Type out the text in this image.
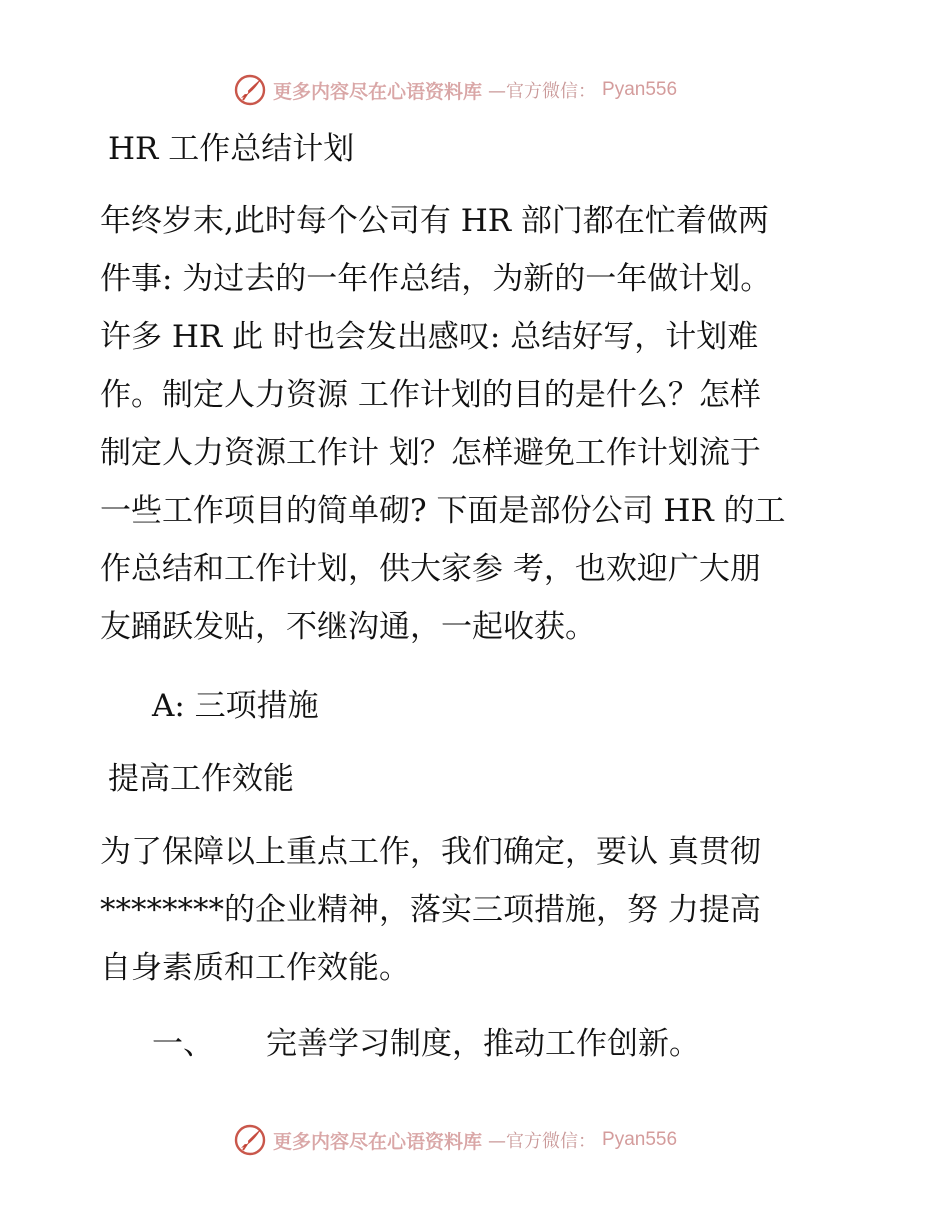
更多内容尽在心语资料库 —官方微信： Pyan556
HR 工作总结计划
年终岁末,此时每个公司有 HR 部门都在忙着做两
件事: 为过去的一年作总结，为新的一年做计划。
许多 HR 此 时也会发出感叹: 总结好写，计划难
作。制定人力资源 工作计划的目的是什么？怎样
制定人力资源工作计 划？怎样避免工作计划流于
一些工作项目的简单砌? 下面是部份公司 HR 的工
作总结和工作计划，供大家参 考，也欢迎广大朋
友踊跃发贴，不继沟通，一起收获。
A: 三项措施
提高工作效能
为了保障以上重点工作，我们确定，要认 真贯彻
********的企业精神，落实三项措施，努 力提高
自身素质和工作效能。
一、 完善学习制度，推动工作创新。
更多内容尽在心语资料库 —官方微信： Pyan556
